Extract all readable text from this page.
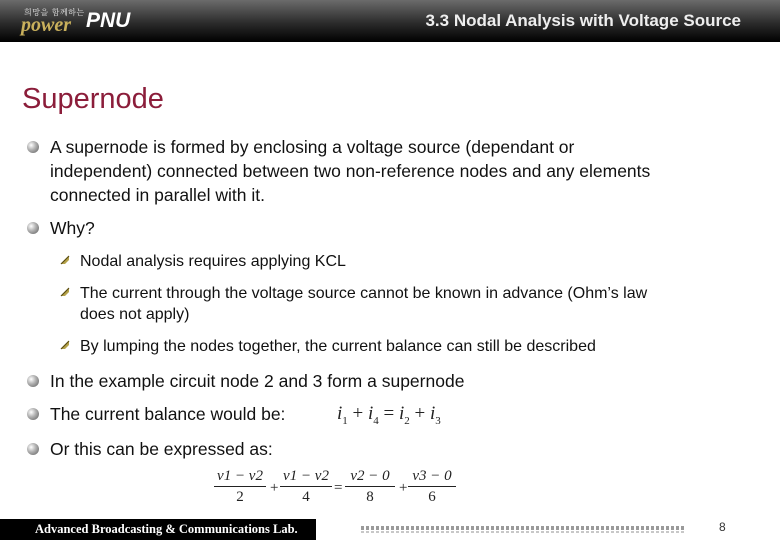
희망을 함께하는
power PNU	3.3 Nodal Analysis with Voltage Source
Supernode
A supernode is formed by enclosing a voltage source (dependant or
independent) connected between two non-reference nodes and any elements
connected in parallel with it.
Why?
Nodal analysis requires applying KCL
The current through the voltage source cannot be known in advance (Ohm’s law
does not apply)
By lumping the nodes together, the current balance can still be described
In the example circuit node 2 and 3 form a supernode
The current balance would be:	$i_1 + i_4 = i_2 + i_3$
Or this can be expressed as:
$\frac{v1 - v2}{2} + \frac{v1 - v2}{4} = \frac{v2 - 0}{8} + \frac{v3 - 0}{6}$
Advanced Broadcasting & Communications Lab.	8
